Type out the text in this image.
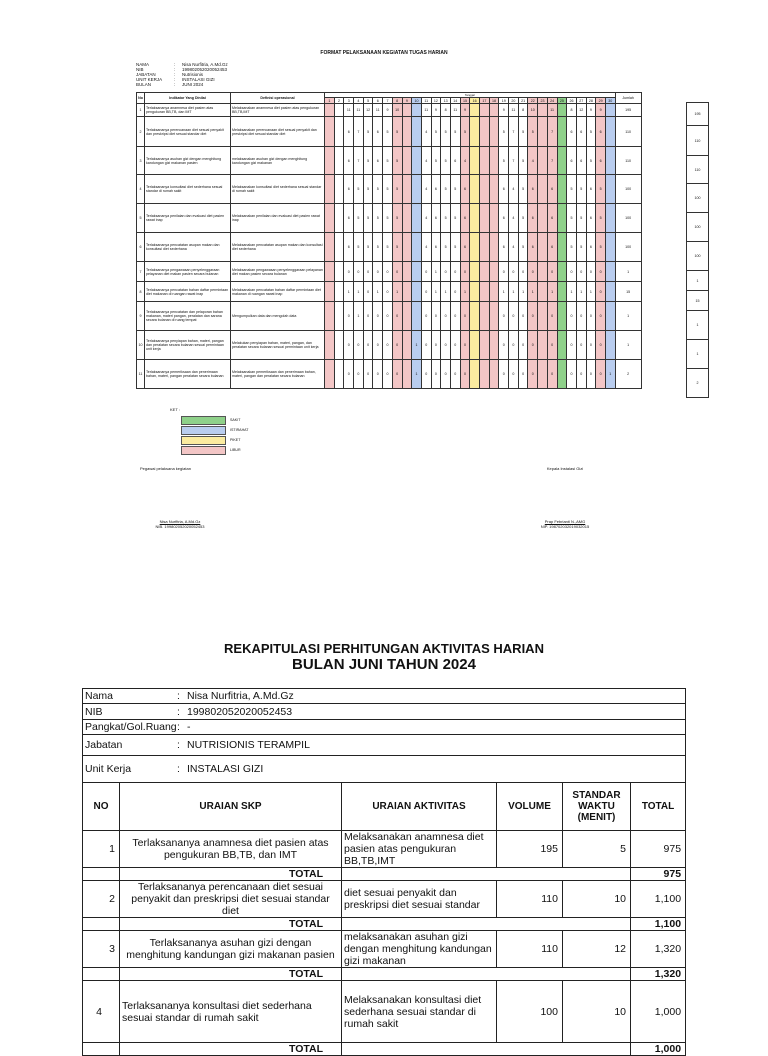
FORMAT PELAKSANAAN KEGIATAN TUGAS HARIAN
NAMA	:	Nisa Nurfitria, A.Md.Gz
NIB	:	199802052020052453
JABATAN	:	Nutrisionis
UNIT KERJA	:	INSTALASI GIZI
BULAN	:	JUNI 2024
No	Indikator Yang Dinilai	Definisi operasional	Tanggal																														Jumlah
			1	2	3	4	5	6	7	8	9	10	11	12	13	14	15	16	17	18	19	20	21	22	23	24	25	26	27	28	29	30	
1	Terlaksananya anamnesa diet pasien atas pengukuran BB,TB, dan IMT	Melaksanakan anamnesa diet pasien atas pengukuran BB,TB,IMT			11	11	12	11	9	10			11	9	8	11	9				9	11	8	10		11		8	12	9	9		195
2	Terlaksananya perencanaan diet sesuai penyakit dan preskripsi diet sesuai standar diet	Melaksanakan perencanaan diet sesuai penyakit dan preskripsi diet sesuai standar diet			6	7	5	6	5	5			4	5	5	5	5				5	7	5	5		7		6	6	5	6		110
3	Terlaksananya asuhan gizi dengan menghitung kandungan gizi makanan pasien	melaksanakan asuhan gizi dengan menghitung kandungan gizi makanan			6	7	5	6	5	5			4	5	5	6	4				5	7	5	4		7		6	6	5	6		110
4	Terlaksananya konsultasi diet sederhana sesuai standar di rumah sakit	Melaksanakan konsultasi diet sederhana sesuai standar di rumah sakit			6	5	5	5	5	5			4	6	5	5	6				6	4	5	6		6		5	5	6	5		100
5	Terlaksananya penilaian dan evaluasi diet pasien rawat inap	Melaksanakan penilaian dan evaluasi diet pasien rawat inap			6	5	5	5	5	5			4	6	5	5	6				6	4	5	6		6		5	5	6	5		100
6	Terlaksananya pencatatan asupan makan dan konsultasi diet sederhana	Melaksanakan pencatatan asupan makan dan konsultasi diet sederhana			6	5	5	5	5	5			4	6	5	5	6				6	4	5	6		6		5	5	6	5		100
7	Terlaksananya pengawasan penyelenggaraan pelayanan diet makan pasien secara bulanan	Melaksanakan pengawasan penyelenggaraan pelayanan diet makan pasien secara bulanan			0	0	0	0	0	0			0	1	0	0	0				0	0	0	0		0		0	0	0	0		1
8	Terlaksananya pencatatan bahan daftar permintaan diet makanan di ruangan rawat inap	Melaksanakan pencatatan bahan daftar permintaan diet makanan di ruangan rawat inap			1	1	0	1	0	1			0	1	1	0	1				1	1	1	1		1		1	1	1	0		15
9	Terlaksananya pencatatan dan pelaporan bahan makanan, materi pangan, peralatan dan sarana secara bulanan di ruang tempat	Mengumpulkan data dan mengolah data			0	1	0	0	0	0			0	0	0	0	0				0	0	0	0		0		0	0	0	0		1
10	Terlaksananya penyiapan bahan, materi, pangan dan peralatan secara bulanan sesuai permintaan unit kerja	Melakukan penyiapan bahan, materi, pangan, dan peralatan secara bulanan sesuai permintaan unit kerja			0	0	0	0	0	0		1	0	0	0	0	0				0	0	0	0		0		0	0	0	0		1
11	Terlaksananya pemeriksaan dan penerimaan bahan, materi, pangan peralatan secara bulanan	Melaksanakan pemeriksaan dan penerimaan bahan, materi, pangan dan peralatan secara bulanan			0	0	0	0	0	0		1	0	0	0	0	0				0	0	0	0		0		0	0	0	0	1	2
195
110
110
100
100
100
1
15
1
1
2
KET :
SAKIT
ISTIRAHAT
PIKET
LIBUR
Pegawai pelaksana kegiatan
Nisa Nurfitria, A.Md.Gz
NIB. 199802052020052453
Kepala Instalasi Gizi
Prap Febrianti N.,AMG
NIP. 198702032019032015
REKAPITULASI PERHITUNGAN AKTIVITAS HARIAN
BULAN JUNI TAHUN 2024
Nama : Nisa Nurfitria, A.Md.Gz					

NIB : 199802052020052453					

Pangkat/Gol.Ruang : -					

Jabatan : NUTRISIONIS TERAMPIL					

Unit Kerja : INSTALASI GIZI					

NO	URAIAN SKP	URAIAN AKTIVITAS	VOLUME	STANDAR WAKTU (MENIT)	TOTAL
1	Terlaksananya anamnesa diet pasien atas pengukuran BB,TB, dan IMT	Melaksanakan anamnesa diet pasien atas pengukuran BB,TB,IMT	195	5	975
	TOTAL				975
2	Terlaksananya perencanaan diet sesuai penyakit dan preskripsi diet sesuai standar diet	diet sesuai penyakit dan preskripsi diet sesuai standar	110	10	1,100
	TOTAL				1,100
3	Terlaksananya asuhan gizi dengan menghitung kandungan gizi makanan pasien	melaksanakan asuhan gizi dengan menghitung kandungan gizi makanan	110	12	1,320
	TOTAL				1,320
4	Terlaksananya konsultasi diet sederhana sesuai standar di rumah sakit	Melaksanakan konsultasi diet sederhana sesuai standar di rumah sakit	100	10	1,000
	TOTAL				1,000
